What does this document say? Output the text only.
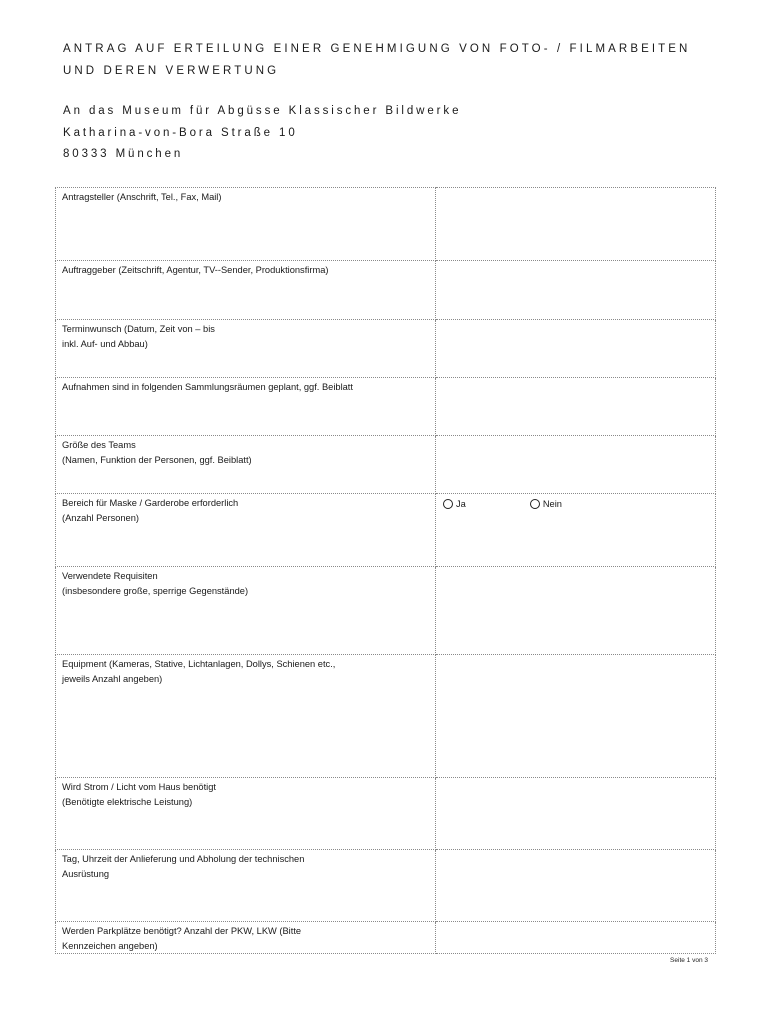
ANTRAG AUF ERTEILUNG EINER GENEHMIGUNG VON FOTO- / FILMARBEITEN
UND DEREN VERWERTUNG
An das Museum für Abgüsse Klassischer Bildwerke
Katharina-von-Bora Straße 10
80333 München
Antragsteller (Anschrift, Tel., Fax, Mail)	

Auftraggeber (Zeitschrift, Agentur, TV--Sender, Produktionsfirma)	

Terminwunsch (Datum, Zeit von – bis
inkl. Auf- und Abbau)	

Aufnahmen sind in folgenden Sammlungsräumen geplant, ggf. Beiblatt	

Größe des Teams
(Namen, Funktion der Personen, ggf. Beiblatt)	

Bereich für Maske / Garderobe erforderlich
(Anzahl Personen)	Ja Nein

Verwendete Requisiten
(insbesondere große, sperrige Gegenstände)	

Equipment (Kameras, Stative, Lichtanlagen, Dollys, Schienen etc.,
jeweils Anzahl angeben)	

Wird Strom / Licht vom Haus benötigt
(Benötigte elektrische Leistung)	

Tag, Uhrzeit der Anlieferung und Abholung der technischen
Ausrüstung	

Werden Parkplätze benötigt? Anzahl der PKW, LKW (Bitte
Kennzeichen angeben)	

Seite 1 von 3
